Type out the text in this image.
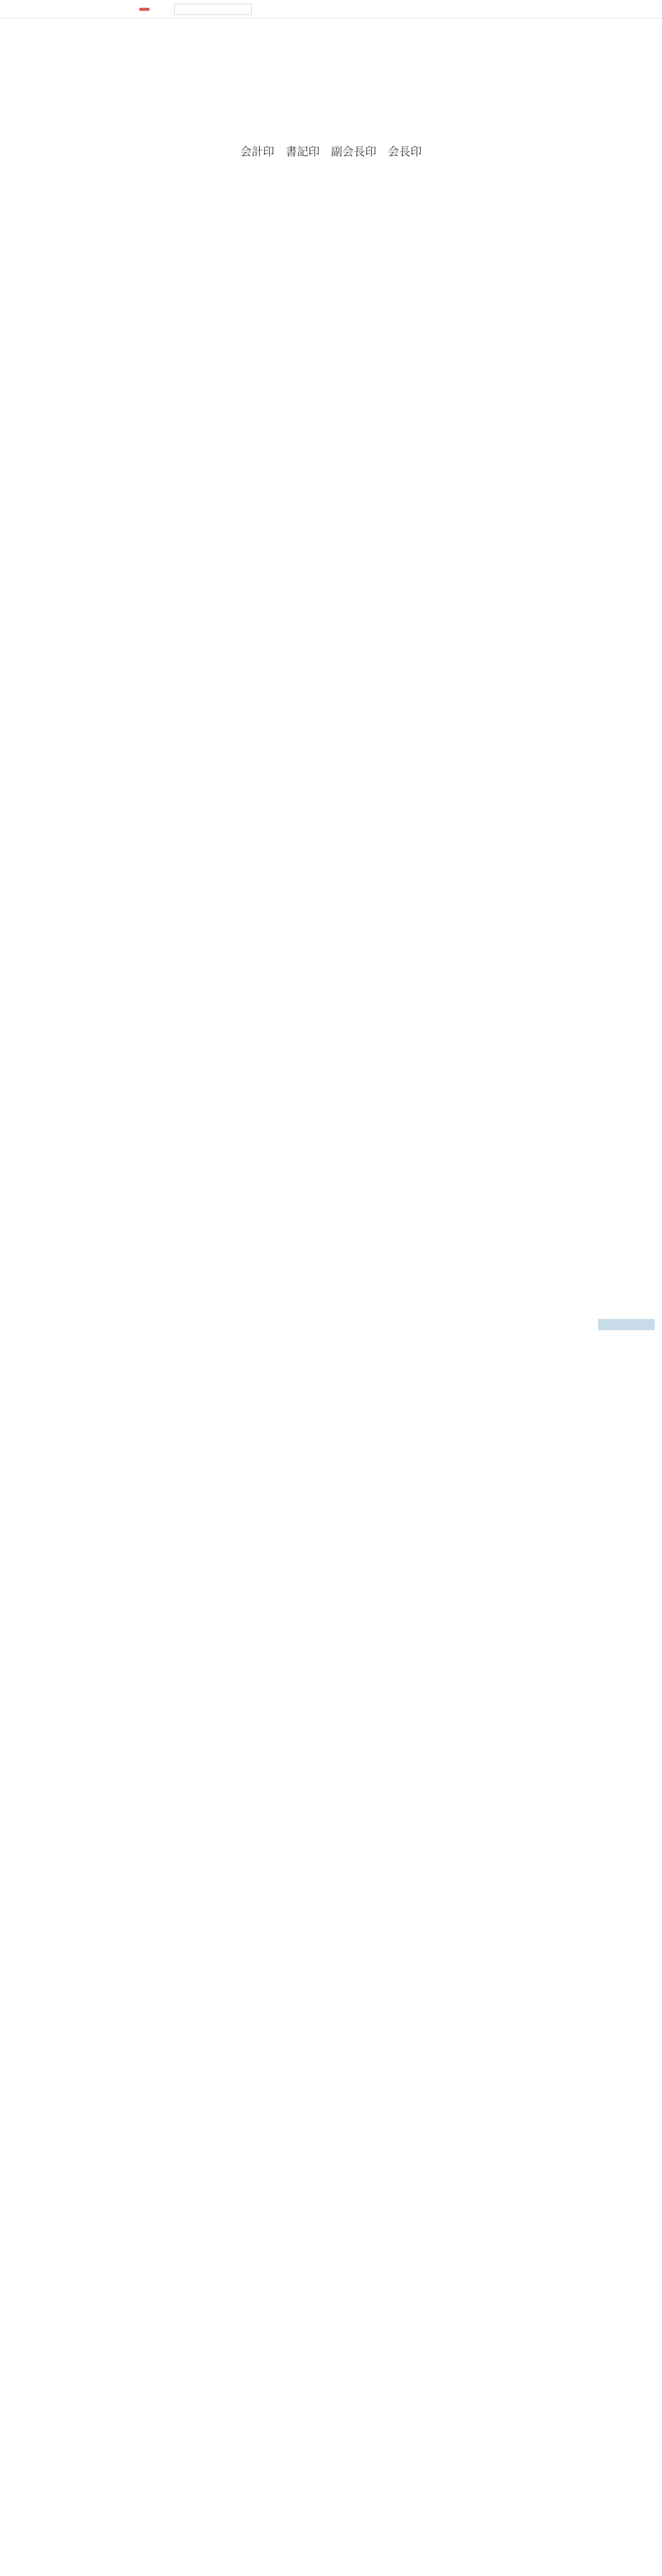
会計印　書記印　副会長印　会長印
